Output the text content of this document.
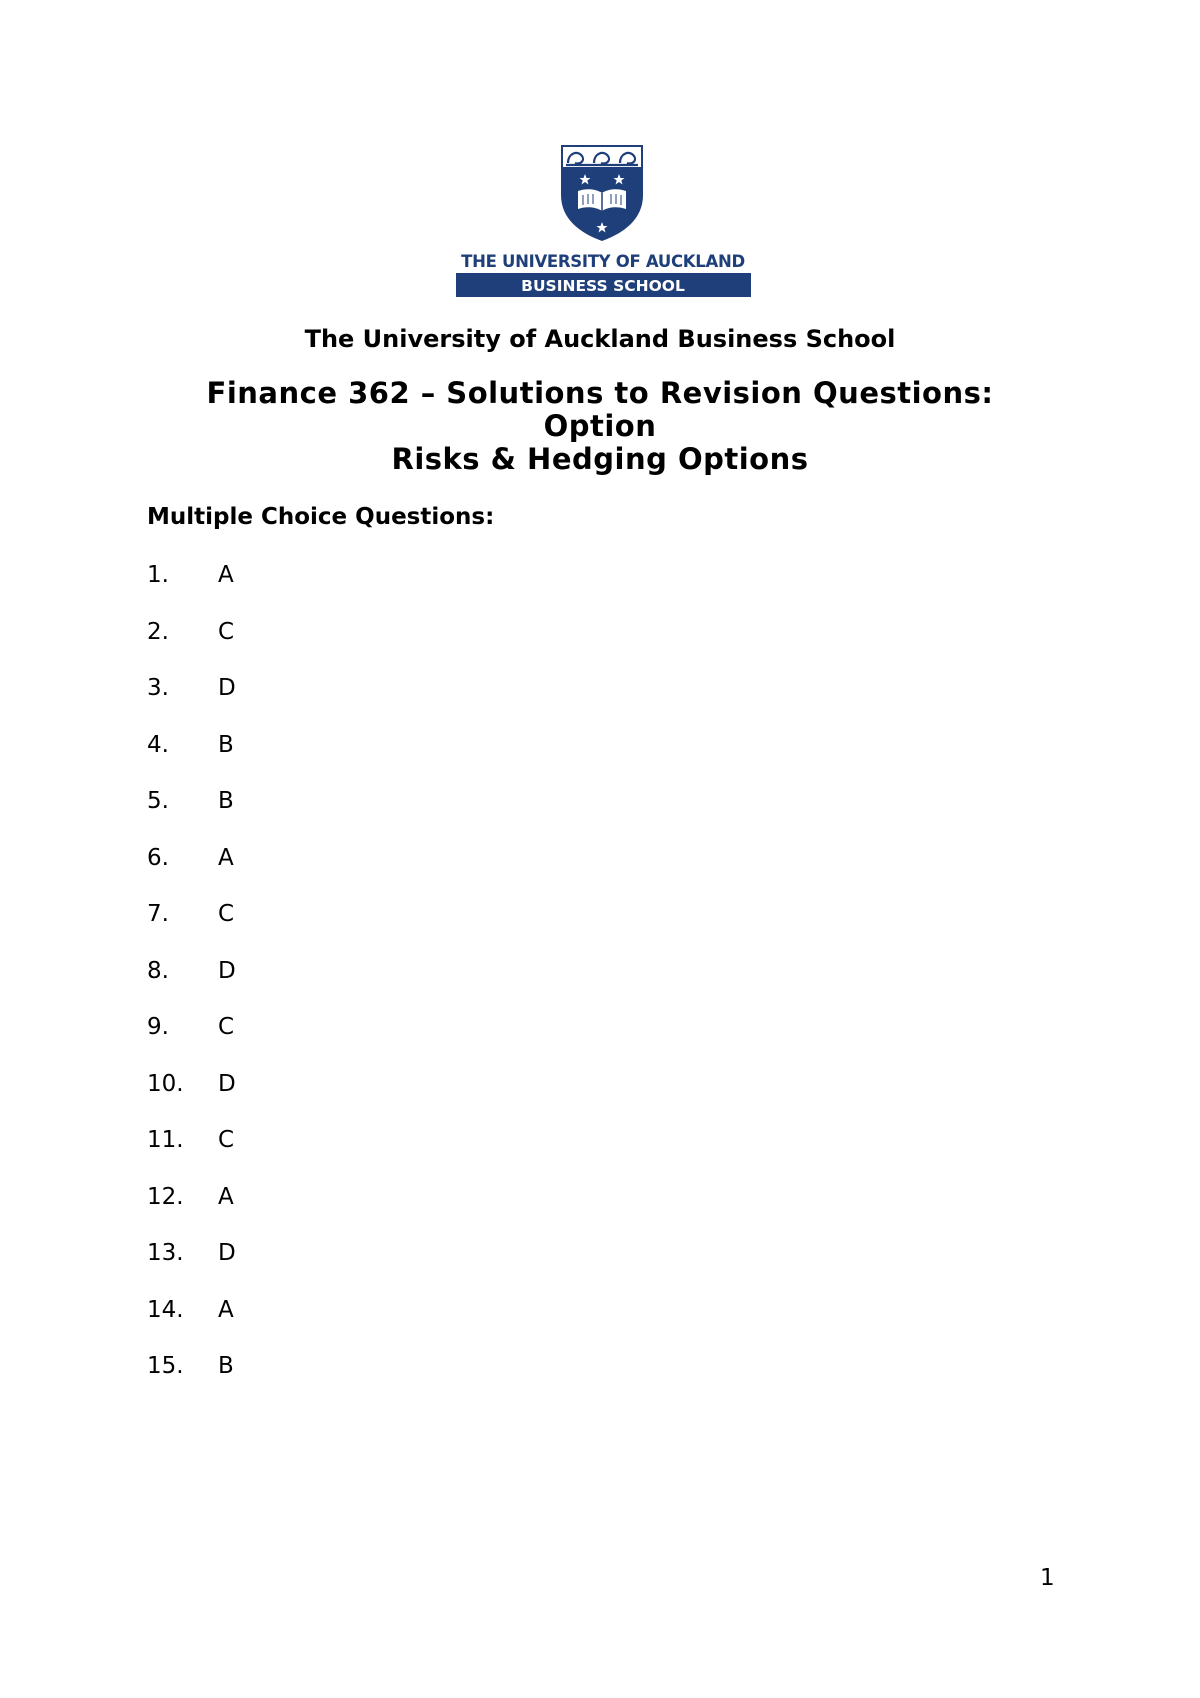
THE UNIVERSITY OF AUCKLAND
BUSINESS SCHOOL
The University of Auckland Business School
Finance 362 – Solutions to Revision Questions: Option
Risks & Hedging Options
Multiple Choice Questions:
1. A
2. C
3. D
4. B
5. B
6. A
7. C
8. D
9. C
10. D
11. C
12. A
13. D
14. A
15. B
1
